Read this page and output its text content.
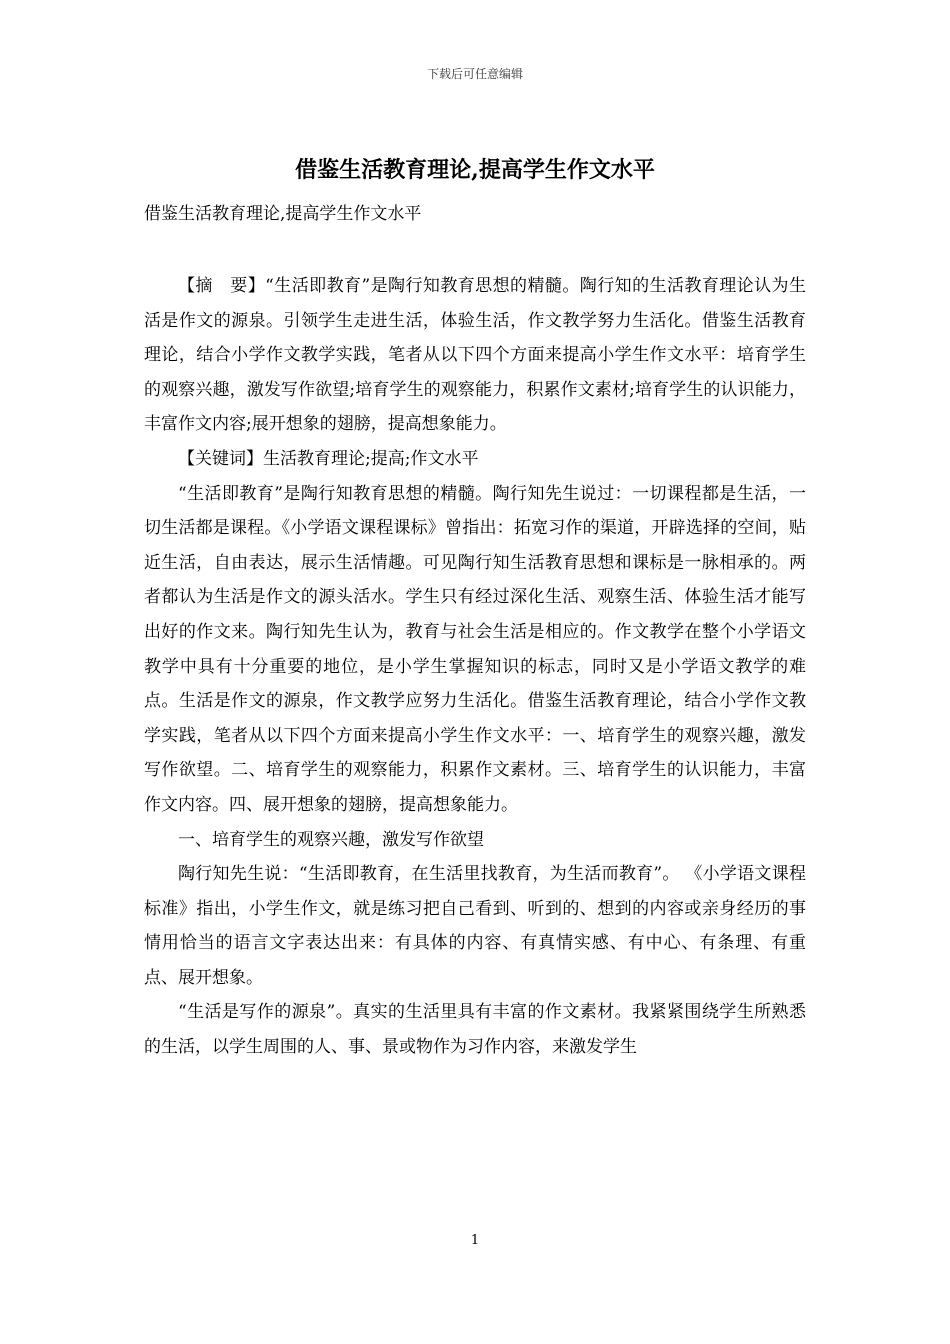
下载后可任意编辑
借鉴生活教育理论,提高学生作文水平
借鉴生活教育理论,提高学生作文水平

【摘　要】“生活即教育”是陶行知教育思想的精髓。陶行知的生活教育理论认为生活是作文的源泉。引领学生走进生活，体验生活，作文教学努力生活化。借鉴生活教育理论，结合小学作文教学实践，笔者从以下四个方面来提高小学生作文水平：培育学生的观察兴趣，激发写作欲望;培育学生的观察能力，积累作文素材;培育学生的认识能力，丰富作文内容;展开想象的翅膀，提高想象能力。

【关键词】生活教育理论;提高;作文水平

“生活即教育”是陶行知教育思想的精髓。陶行知先生说过：一切课程都是生活，一切生活都是课程。《小学语文课程课标》曾指出：拓宽习作的渠道，开辟选择的空间，贴近生活，自由表达，展示生活情趣。可见陶行知生活教育思想和课标是一脉相承的。两者都认为生活是作文的源头活水。学生只有经过深化生活、观察生活、体验生活才能写出好的作文来。陶行知先生认为，教育与社会生活是相应的。作文教学在整个小学语文教学中具有十分重要的地位，是小学生掌握知识的标志，同时又是小学语文教学的难点。生活是作文的源泉，作文教学应努力生活化。借鉴生活教育理论，结合小学作文教学实践，笔者从以下四个方面来提高小学生作文水平：一、培育学生的观察兴趣，激发写作欲望。二、培育学生的观察能力，积累作文素材。三、培育学生的认识能力，丰富作文内容。四、展开想象的翅膀，提高想象能力。

一、培育学生的观察兴趣，激发写作欲望

陶行知先生说：“生活即教育，在生活里找教育，为生活而教育”。 《小学语文课程标准》指出，小学生作文，就是练习把自己看到、听到的、想到的内容或亲身经历的事情用恰当的语言文字表达出来：有具体的内容、有真情实感、有中心、有条理、有重点、展开想象。

“生活是写作的源泉”。真实的生活里具有丰富的作文素材。我紧紧围绕学生所熟悉的生活，以学生周围的人、事、景或物作为习作内容，来激发学生

1
